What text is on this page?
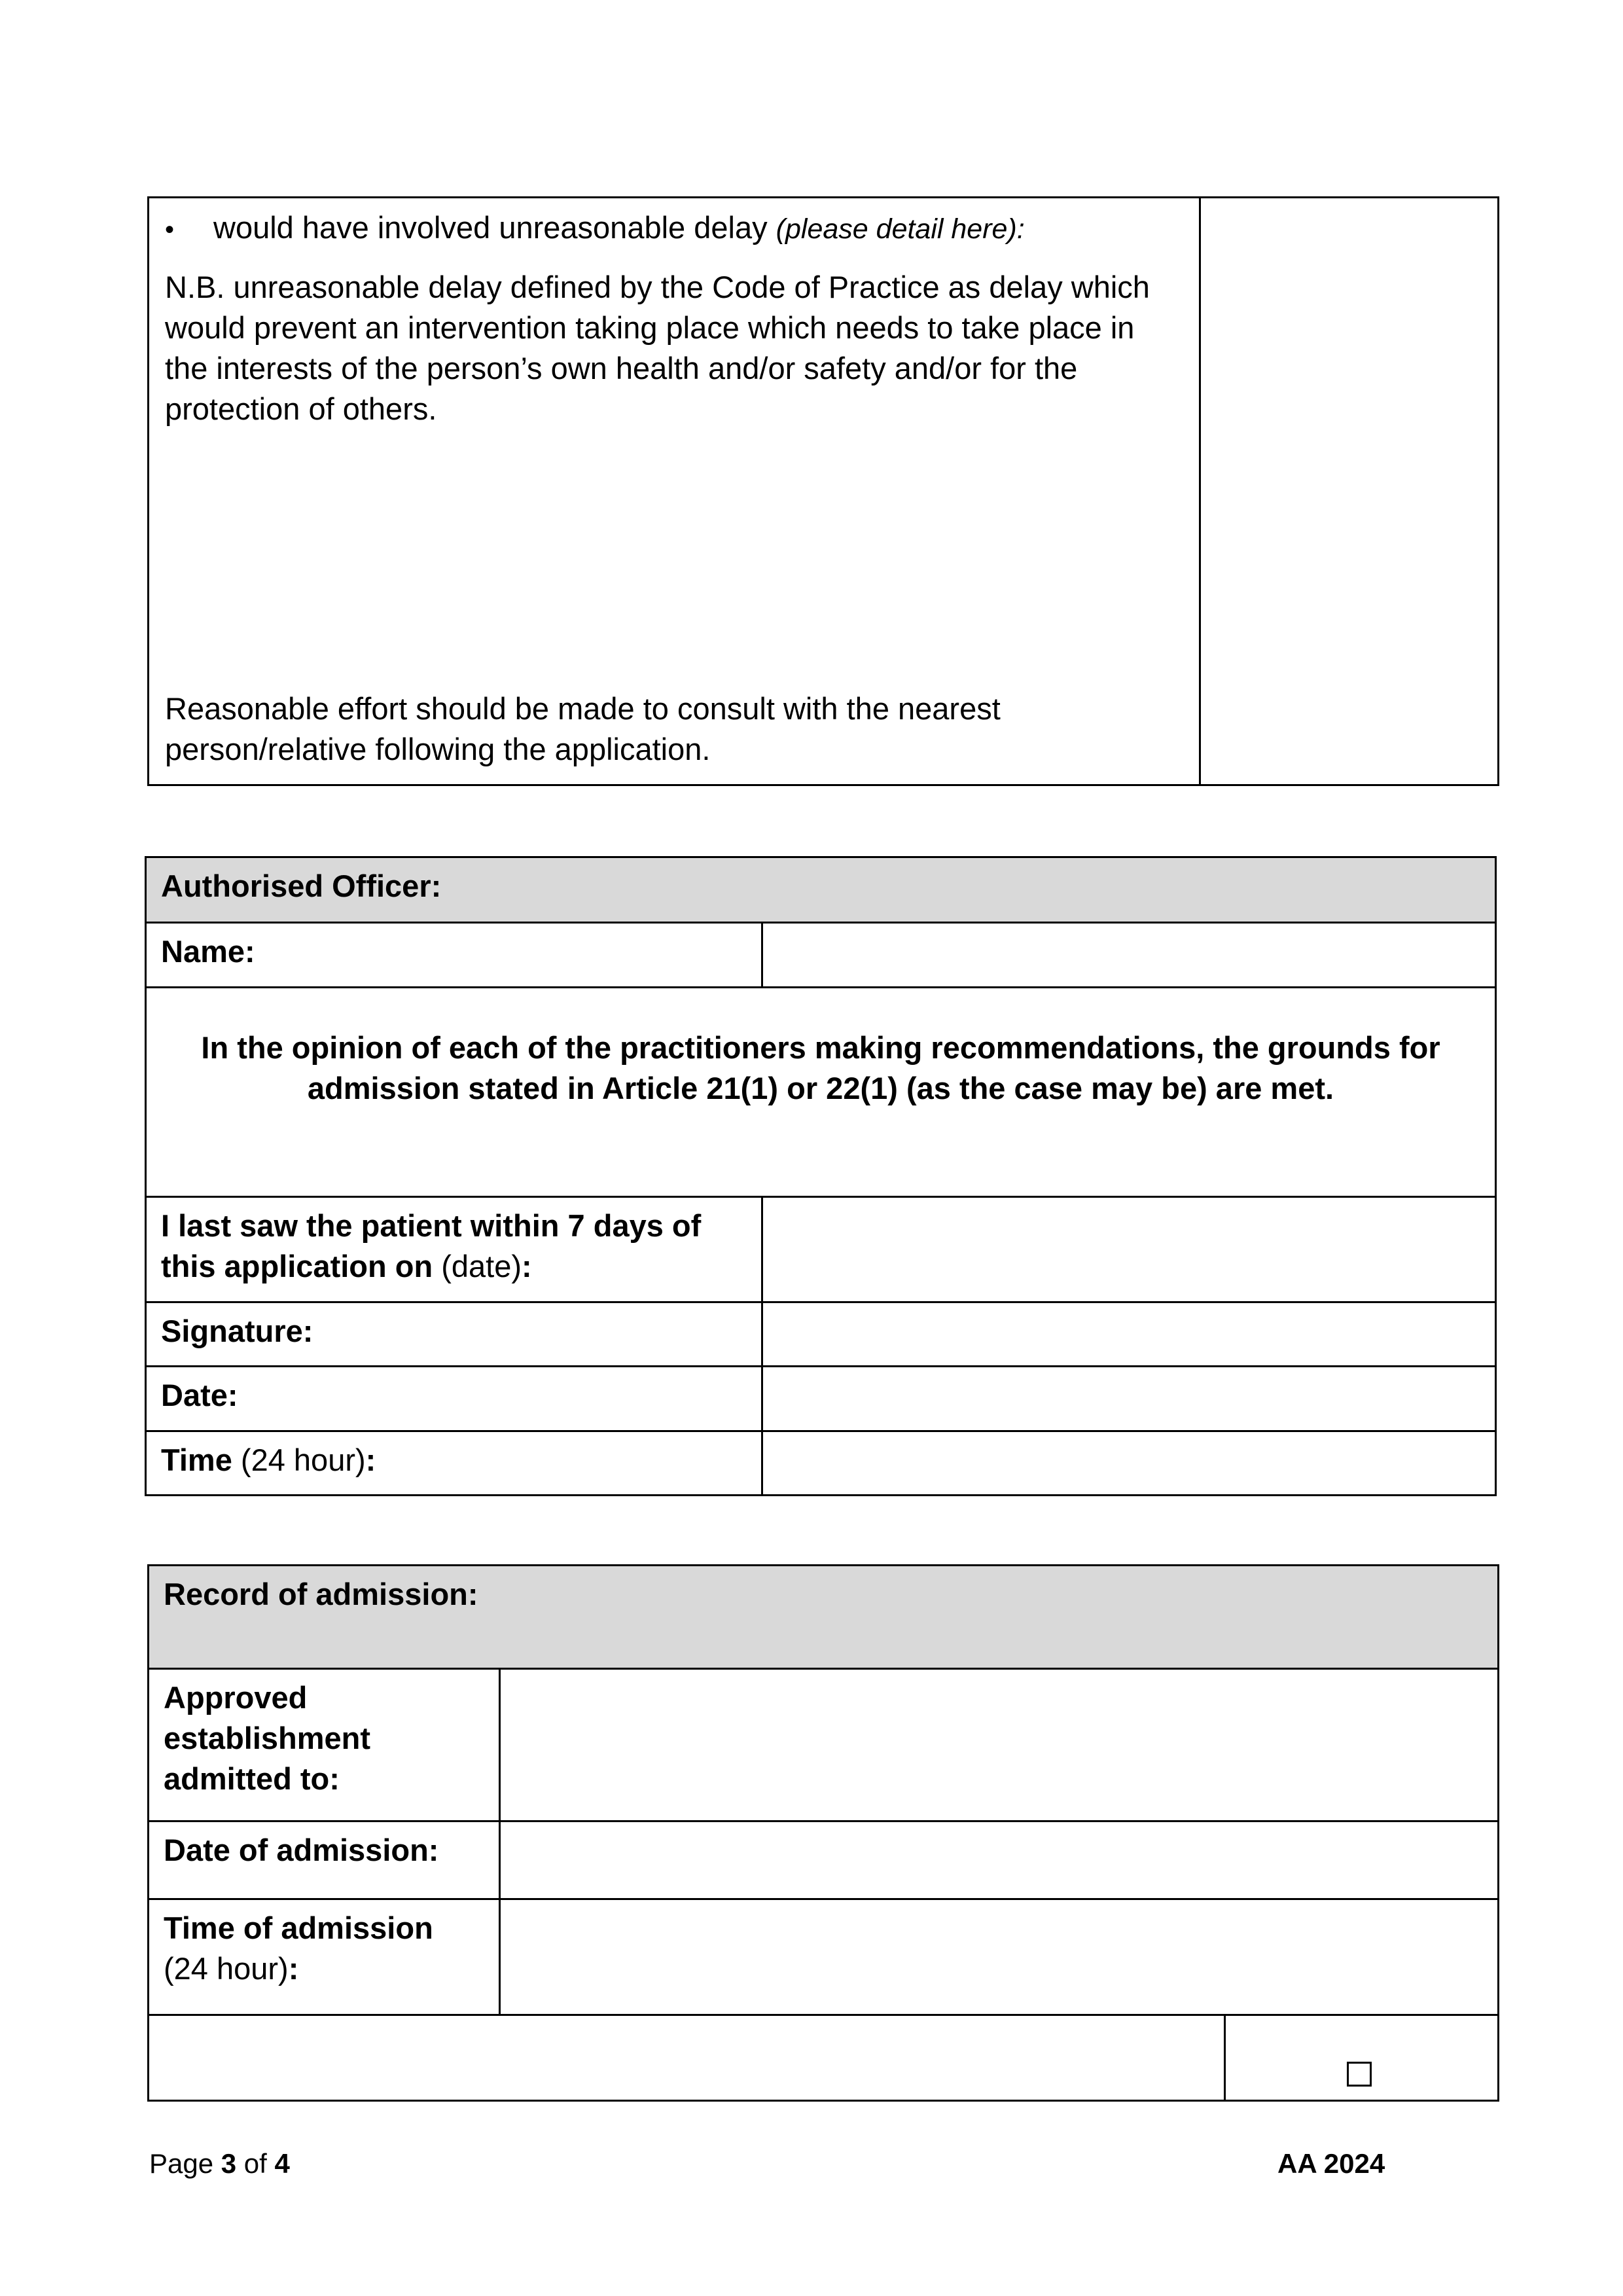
•	would have involved unreasonable delay (please detail here):
N.B. unreasonable delay defined by the Code of Practice as delay which would prevent an intervention taking place which needs to take place in the interests of the person’s own health and/or safety and/or for the protection of others.
Reasonable effort should be made to consult with the nearest person/relative following the application.

Authorised Officer:	

Name:	

In the opinion of each of the practitioners making recommendations, the grounds for admission stated in Article 21(1) or 22(1) (as the case may be) are met.	

I last saw the patient within 7 days of this application on (date):	

Signature:	

Date:	

Time (24 hour):	

Record of admission:		

Approved establishment admitted to:		

Date of admission:		

Time of admission
(24 hour):		

Page 3 of 4	AA 2024
